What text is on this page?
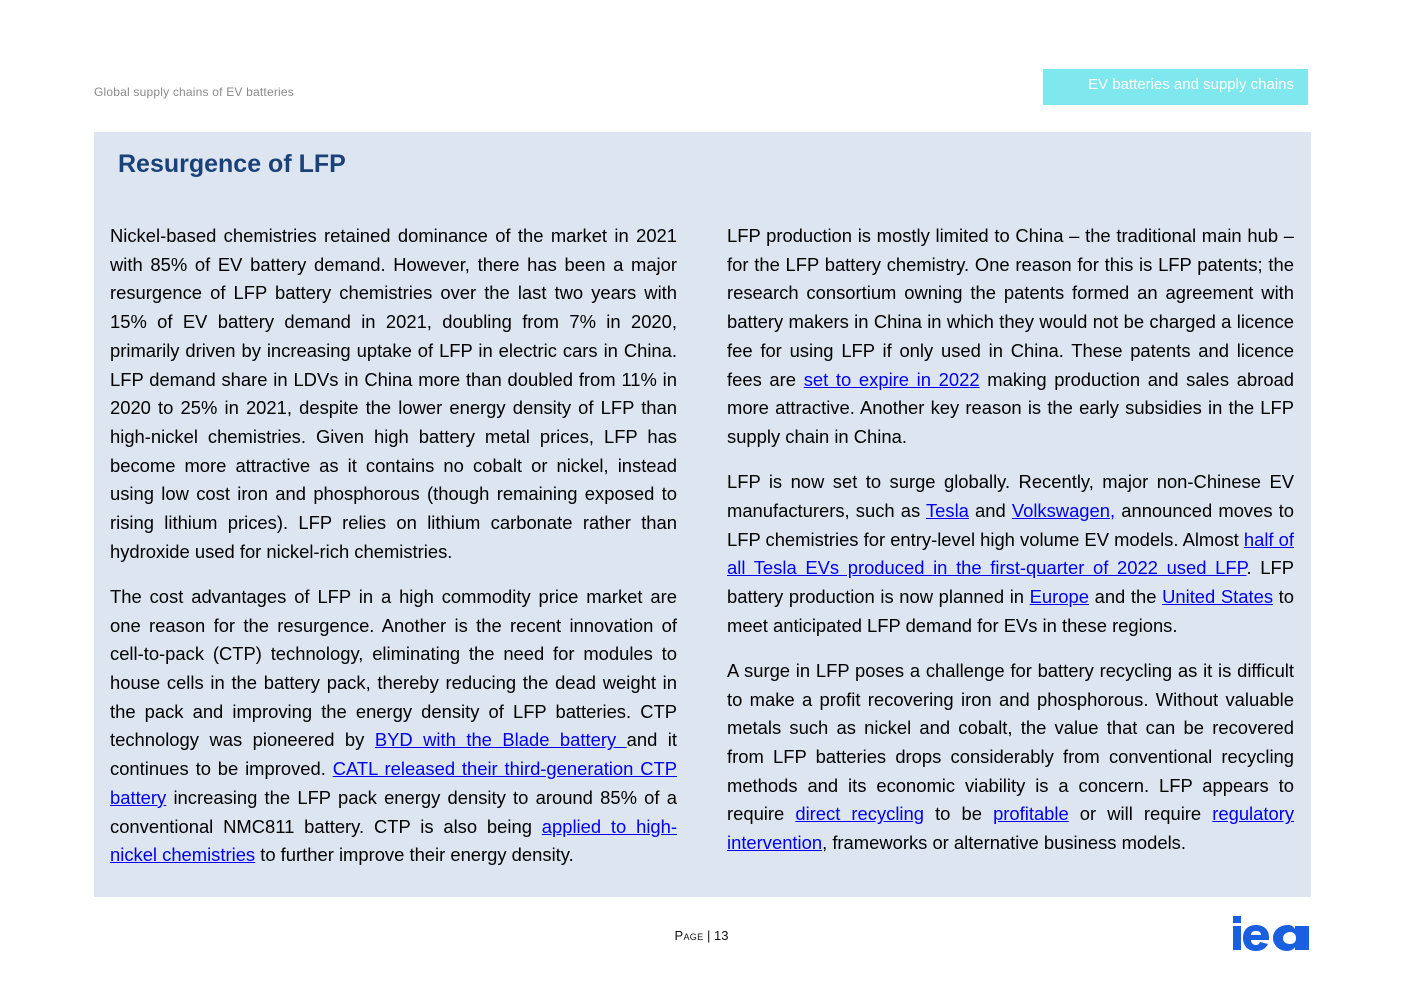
Global supply chains of EV batteries	EV batteries and supply chains
Resurgence of LFP

Nickel-based chemistries retained dominance of the market in 2021 with 85% of EV battery demand. However, there has been a major resurgence of LFP battery chemistries over the last two years with 15% of EV battery demand in 2021, doubling from 7% in 2020, primarily driven by increasing uptake of LFP in electric cars in China. LFP demand share in LDVs in China more than doubled from 11% in 2020 to 25% in 2021, despite the lower energy density of LFP than high-nickel chemistries. Given high battery metal prices, LFP has become more attractive as it contains no cobalt or nickel, instead using low cost iron and phosphorous (though remaining exposed to rising lithium prices). LFP relies on lithium carbonate rather than hydroxide used for nickel-rich chemistries.

The cost advantages of LFP in a high commodity price market are one reason for the resurgence. Another is the recent innovation of cell-to-pack (CTP) technology, eliminating the need for modules to house cells in the battery pack, thereby reducing the dead weight in the pack and improving the energy density of LFP batteries. CTP technology was pioneered by BYD with the Blade battery and it continues to be improved. CATL released their third-generation CTP battery increasing the LFP pack energy density to around 85% of a conventional NMC811 battery. CTP is also being applied to high-nickel chemistries to further improve their energy density.

LFP production is mostly limited to China – the traditional main hub – for the LFP battery chemistry. One reason for this is LFP patents; the research consortium owning the patents formed an agreement with battery makers in China in which they would not be charged a licence fee for using LFP if only used in China. These patents and licence fees are set to expire in 2022 making production and sales abroad more attractive. Another key reason is the early subsidies in the LFP supply chain in China.

LFP is now set to surge globally. Recently, major non-Chinese EV manufacturers, such as Tesla and Volkswagen, announced moves to LFP chemistries for entry-level high volume EV models. Almost half of all Tesla EVs produced in the first-quarter of 2022 used LFP. LFP battery production is now planned in Europe and the United States to meet anticipated LFP demand for EVs in these regions.

A surge in LFP poses a challenge for battery recycling as it is difficult to make a profit recovering iron and phosphorous. Without valuable metals such as nickel and cobalt, the value that can be recovered from LFP batteries drops considerably from conventional recycling methods and its economic viability is a concern. LFP appears to require direct recycling to be profitable or will require regulatory intervention, frameworks or alternative business models.

Page | 13
